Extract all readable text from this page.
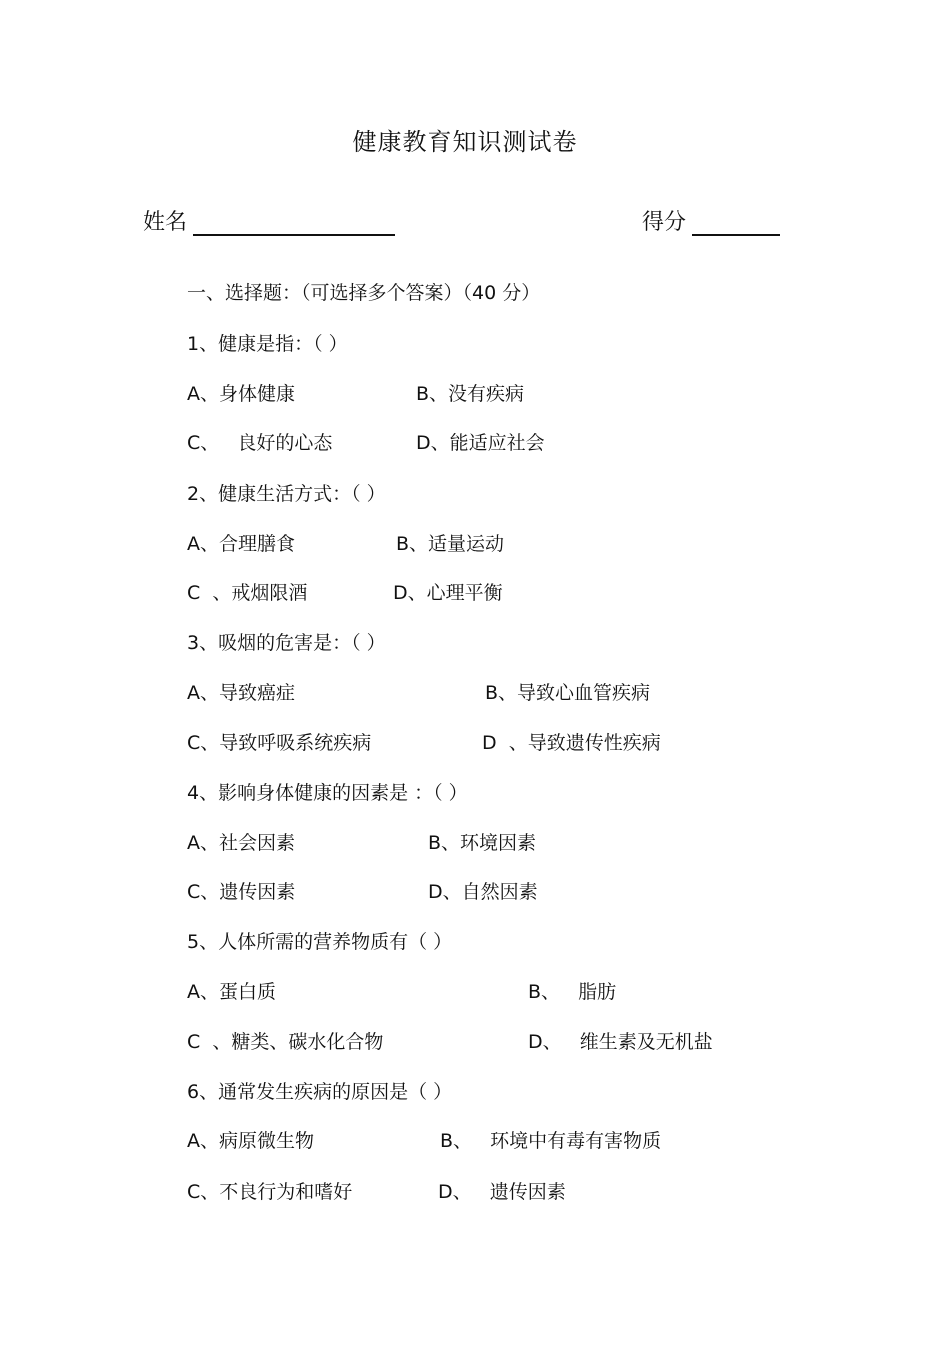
健康教育知识测试卷
姓名	得分
一、选择题：（可选择多个答案）（40 分）
1、健康是指：（ ）
A、身体健康	B、没有疾病
C、   良好的心态	D、能适应社会
2、健康生活方式：（ ）
A、合理膳食	B、适量运动
C  、戒烟限酒	D、心理平衡
3、吸烟的危害是：（ ）
A、导致癌症	B、导致心血管疾病
C、导致呼吸系统疾病	D  、导致遗传性疾病
4、影响身体健康的因素是 ：（ ）
A、社会因素	B、环境因素
C、遗传因素	D、自然因素
5、人体所需的营养物质有（ ）
A、蛋白质	B、   脂肪
C  、糖类、碳水化合物	D、   维生素及无机盐
6、通常发生疾病的原因是（ ）
A、病原微生物	B、   环境中有毒有害物质
C、不良行为和嗜好	D、   遗传因素
